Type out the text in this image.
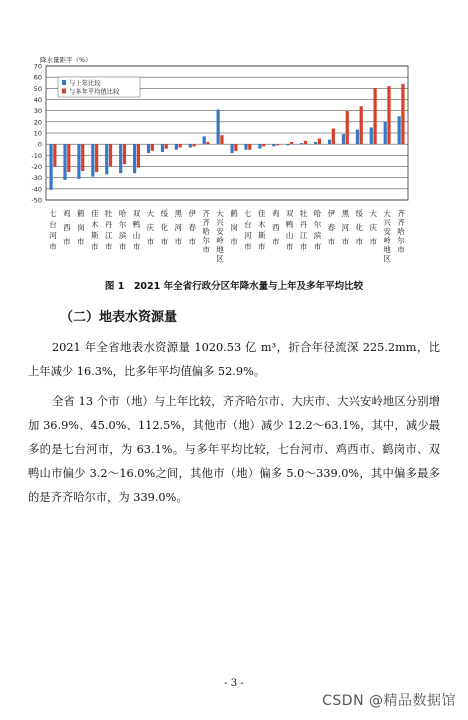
70
60
50
40
30
20
10
0
-10
-20
-30
-40
-50
降水量距平（%）
七
台
河
市
鸡
西
市
鹤
岗
市
佳
木
斯
市
牡
丹
江
市
哈
尔
滨
市
双
鸭
山
市
大
庆
市
绥
化
市
黑
河
市
伊
春
市
齐
齐
哈
尔
市
大
兴
安
岭
地
区
鹤
岗
市
七
台
河
市
佳
木
斯
市
鸡
西
市
双
鸭
山
市
牡
丹
江
市
哈
尔
滨
市
伊
春
市
黑
河
市
绥
化
市
大
庆
市
大
兴
安
岭
地
区
齐
齐
哈
尔
市
与上年比较
与多年平均值比较
图 1　2021 年全省行政分区年降水量与上年及多年平均比较
（二）地表水资源量

2021 年全省地表水资源量 1020.53 亿 m³，折合年径流深 225.2mm，比上年减少 16.3%，比多年平均值偏多 52.9%。

全省 13 个市（地）与上年比较，齐齐哈尔市、大庆市、大兴安岭地区分别增加 36.9%、45.0%、112.5%，其他市（地）减少 12.2～63.1%，其中，减少最多的是七台河市，为 63.1%。与多年平均比较，七台河市、鸡西市、鹤岗市、双鸭山市偏少 3.2～16.0%之间，其他市（地）偏多 5.0～339.0%，其中偏多最多的是齐齐哈尔市，为 339.0%。

- 3 -
CSDN @精品数据馆
